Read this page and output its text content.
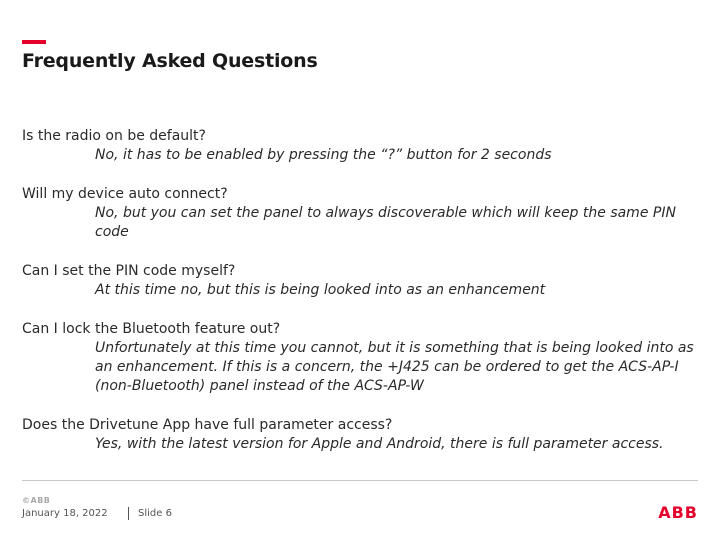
Frequently Asked Questions
Is the radio on be default?
No, it has to be enabled by pressing the “?” button for 2 seconds
Will my device auto connect?
No, but you can set the panel to always discoverable which will keep the same PIN code
Can I set the PIN code myself?
At this time no, but this is being looked into as an enhancement
Can I lock the Bluetooth feature out?
Unfortunately at this time you cannot, but it is something that is being looked into as an enhancement. If this is a concern, the +J425 can be ordered to get the ACS-AP-I (non-Bluetooth) panel instead of the ACS-AP-W
Does the Drivetune App have full parameter access?
Yes, with the latest version for Apple and Android, there is full parameter access.
©ABB
January 18, 2022	Slide 6	ABB
